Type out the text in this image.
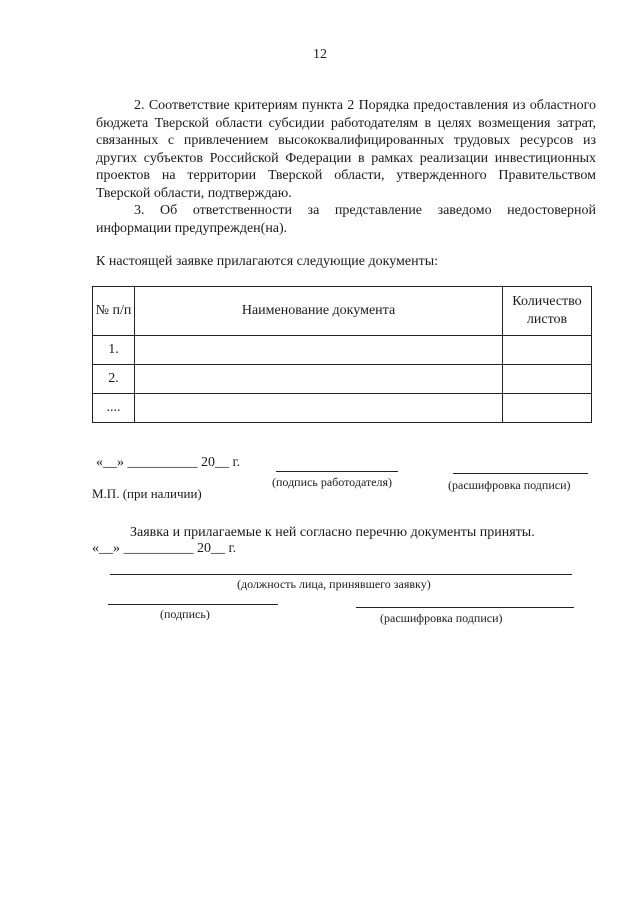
12

2. Соответствие критериям пункта 2 Порядка предоставления из областного бюджета Тверской области субсидии работодателям в целях возмещения затрат, связанных с привлечением высококвалифицированных трудовых ресурсов из других субъектов Российской Федерации в рамках реализации инвестиционных проектов на территории Тверской области, утвержденного Правительством Тверской области, подтверждаю.

3. Об ответственности за представление заведомо недостоверной информации предупрежден(на).

К настоящей заявке прилагаются следующие документы:
№ п/п	Наименование документа	Количество листов
1.		
2.		
....		
«__» __________ 20__ г.
(подпись работодателя)	(расшифровка подписи)
М.П. (при наличии)
Заявка и прилагаемые к ней согласно перечню документы приняты.
«__» __________ 20__ г.
(должность лица, принявшего заявку)
(подпись)	(расшифровка подписи)
